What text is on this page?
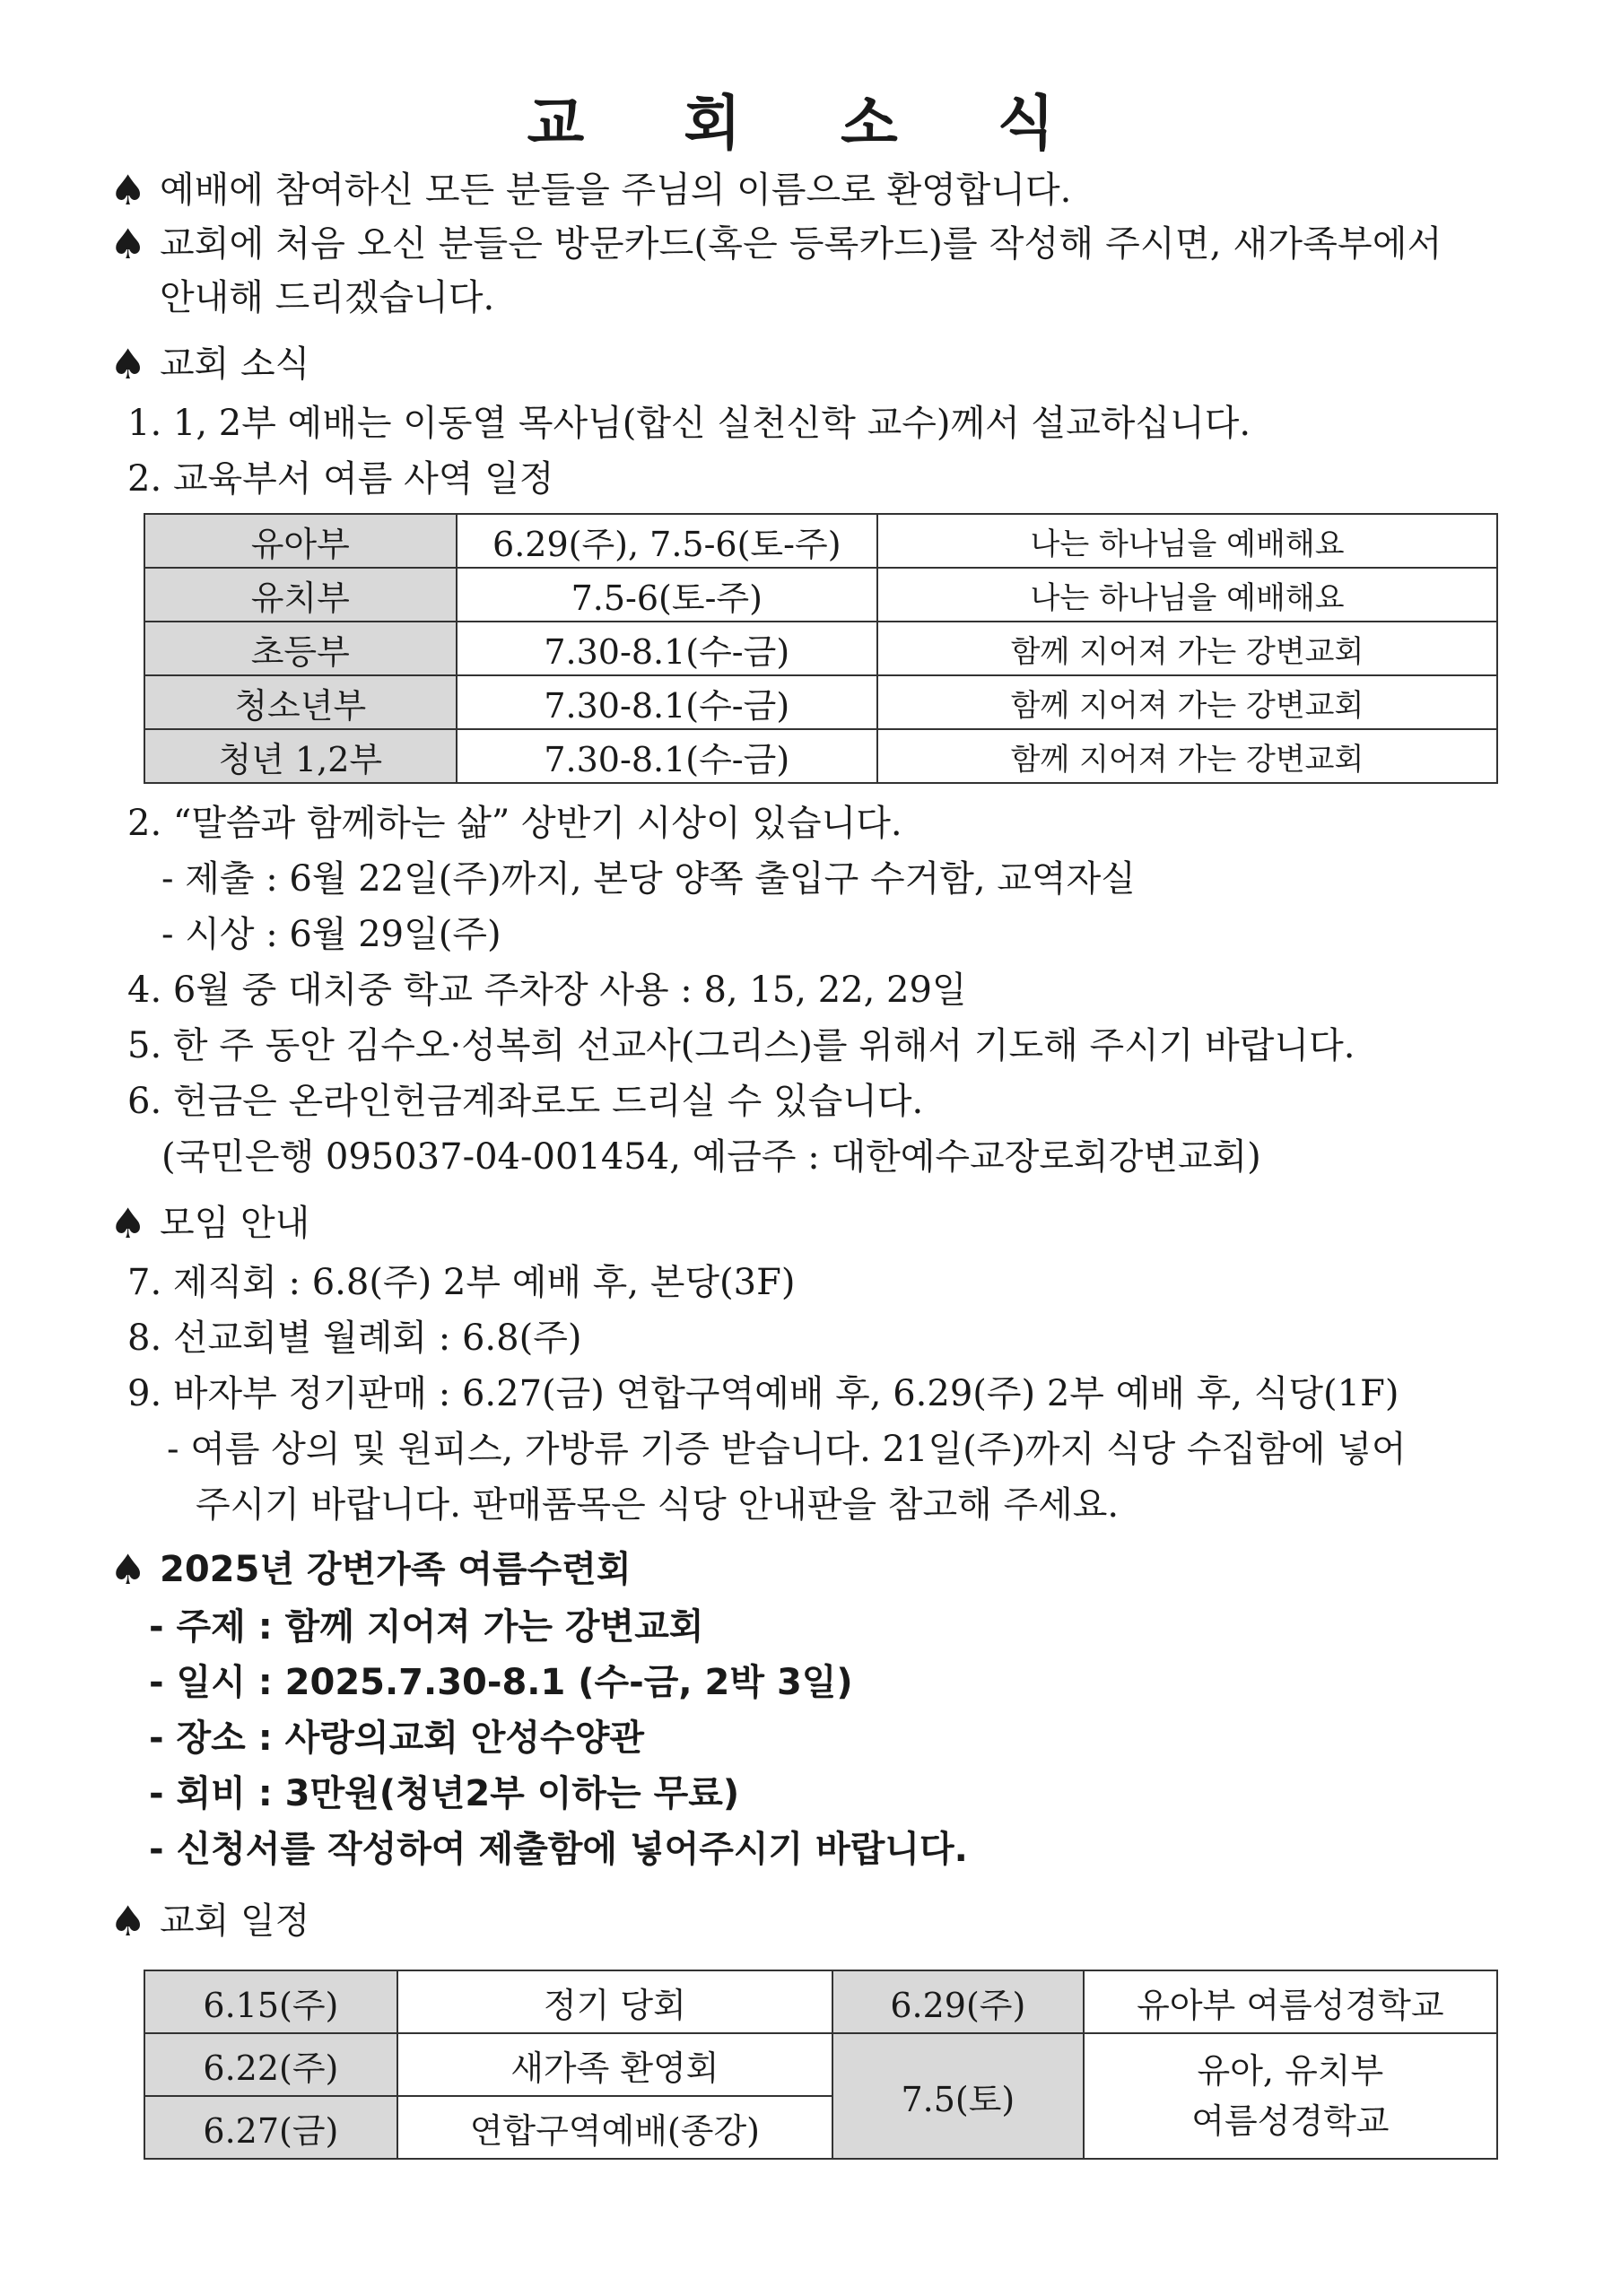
교 회 소 식
♠ 예배에 참여하신 모든 분들을 주님의 이름으로 환영합니다.
♠ 교회에 처음 오신 분들은 방문카드(혹은 등록카드)를 작성해 주시면, 새가족부에서
안내해 드리겠습니다.
♠ 교회 소식
1. 1, 2부 예배는 이동열 목사님(합신 실천신학 교수)께서 설교하십니다.
2. 교육부서 여름 사역 일정
유아부	6.29(주), 7.5-6(토-주)	나는 하나님을 예배해요
유치부	7.5-6(토-주)	나는 하나님을 예배해요
초등부	7.30-8.1(수-금)	함께 지어져 가는 강변교회
청소년부	7.30-8.1(수-금)	함께 지어져 가는 강변교회
청년 1,2부	7.30-8.1(수-금)	함께 지어져 가는 강변교회
2. “말씀과 함께하는 삶” 상반기 시상이 있습니다.
- 제출 : 6월 22일(주)까지, 본당 양쪽 출입구 수거함, 교역자실
- 시상 : 6월 29일(주)
4. 6월 중 대치중 학교 주차장 사용 : 8, 15, 22, 29일
5. 한 주 동안 김수오·성복희 선교사(그리스)를 위해서 기도해 주시기 바랍니다.
6. 헌금은 온라인헌금계좌로도 드리실 수 있습니다.
(국민은행 095037-04-001454, 예금주 : 대한예수교장로회강변교회)
♠ 모임 안내
7. 제직회 : 6.8(주) 2부 예배 후, 본당(3F)
8. 선교회별 월례회 : 6.8(주)
9. 바자부 정기판매 : 6.27(금) 연합구역예배 후, 6.29(주) 2부 예배 후, 식당(1F)
- 여름 상의 및 원피스, 가방류 기증 받습니다. 21일(주)까지 식당 수집함에 넣어
주시기 바랍니다. 판매품목은 식당 안내판을 참고해 주세요.
♠ 2025년 강변가족 여름수련회
- 주제 : 함께 지어져 가는 강변교회
- 일시 : 2025.7.30-8.1 (수-금, 2박 3일)
- 장소 : 사랑의교회 안성수양관
- 회비 : 3만원(청년2부 이하는 무료)
- 신청서를 작성하여 제출함에 넣어주시기 바랍니다.
♠ 교회 일정
6.15(주)	정기 당회	6.29(주)	유아부 여름성경학교
6.22(주)	새가족 환영회	7.5(토)	유아, 유치부
여름성경학교

6.27(금)	연합구역예배(종강)		
